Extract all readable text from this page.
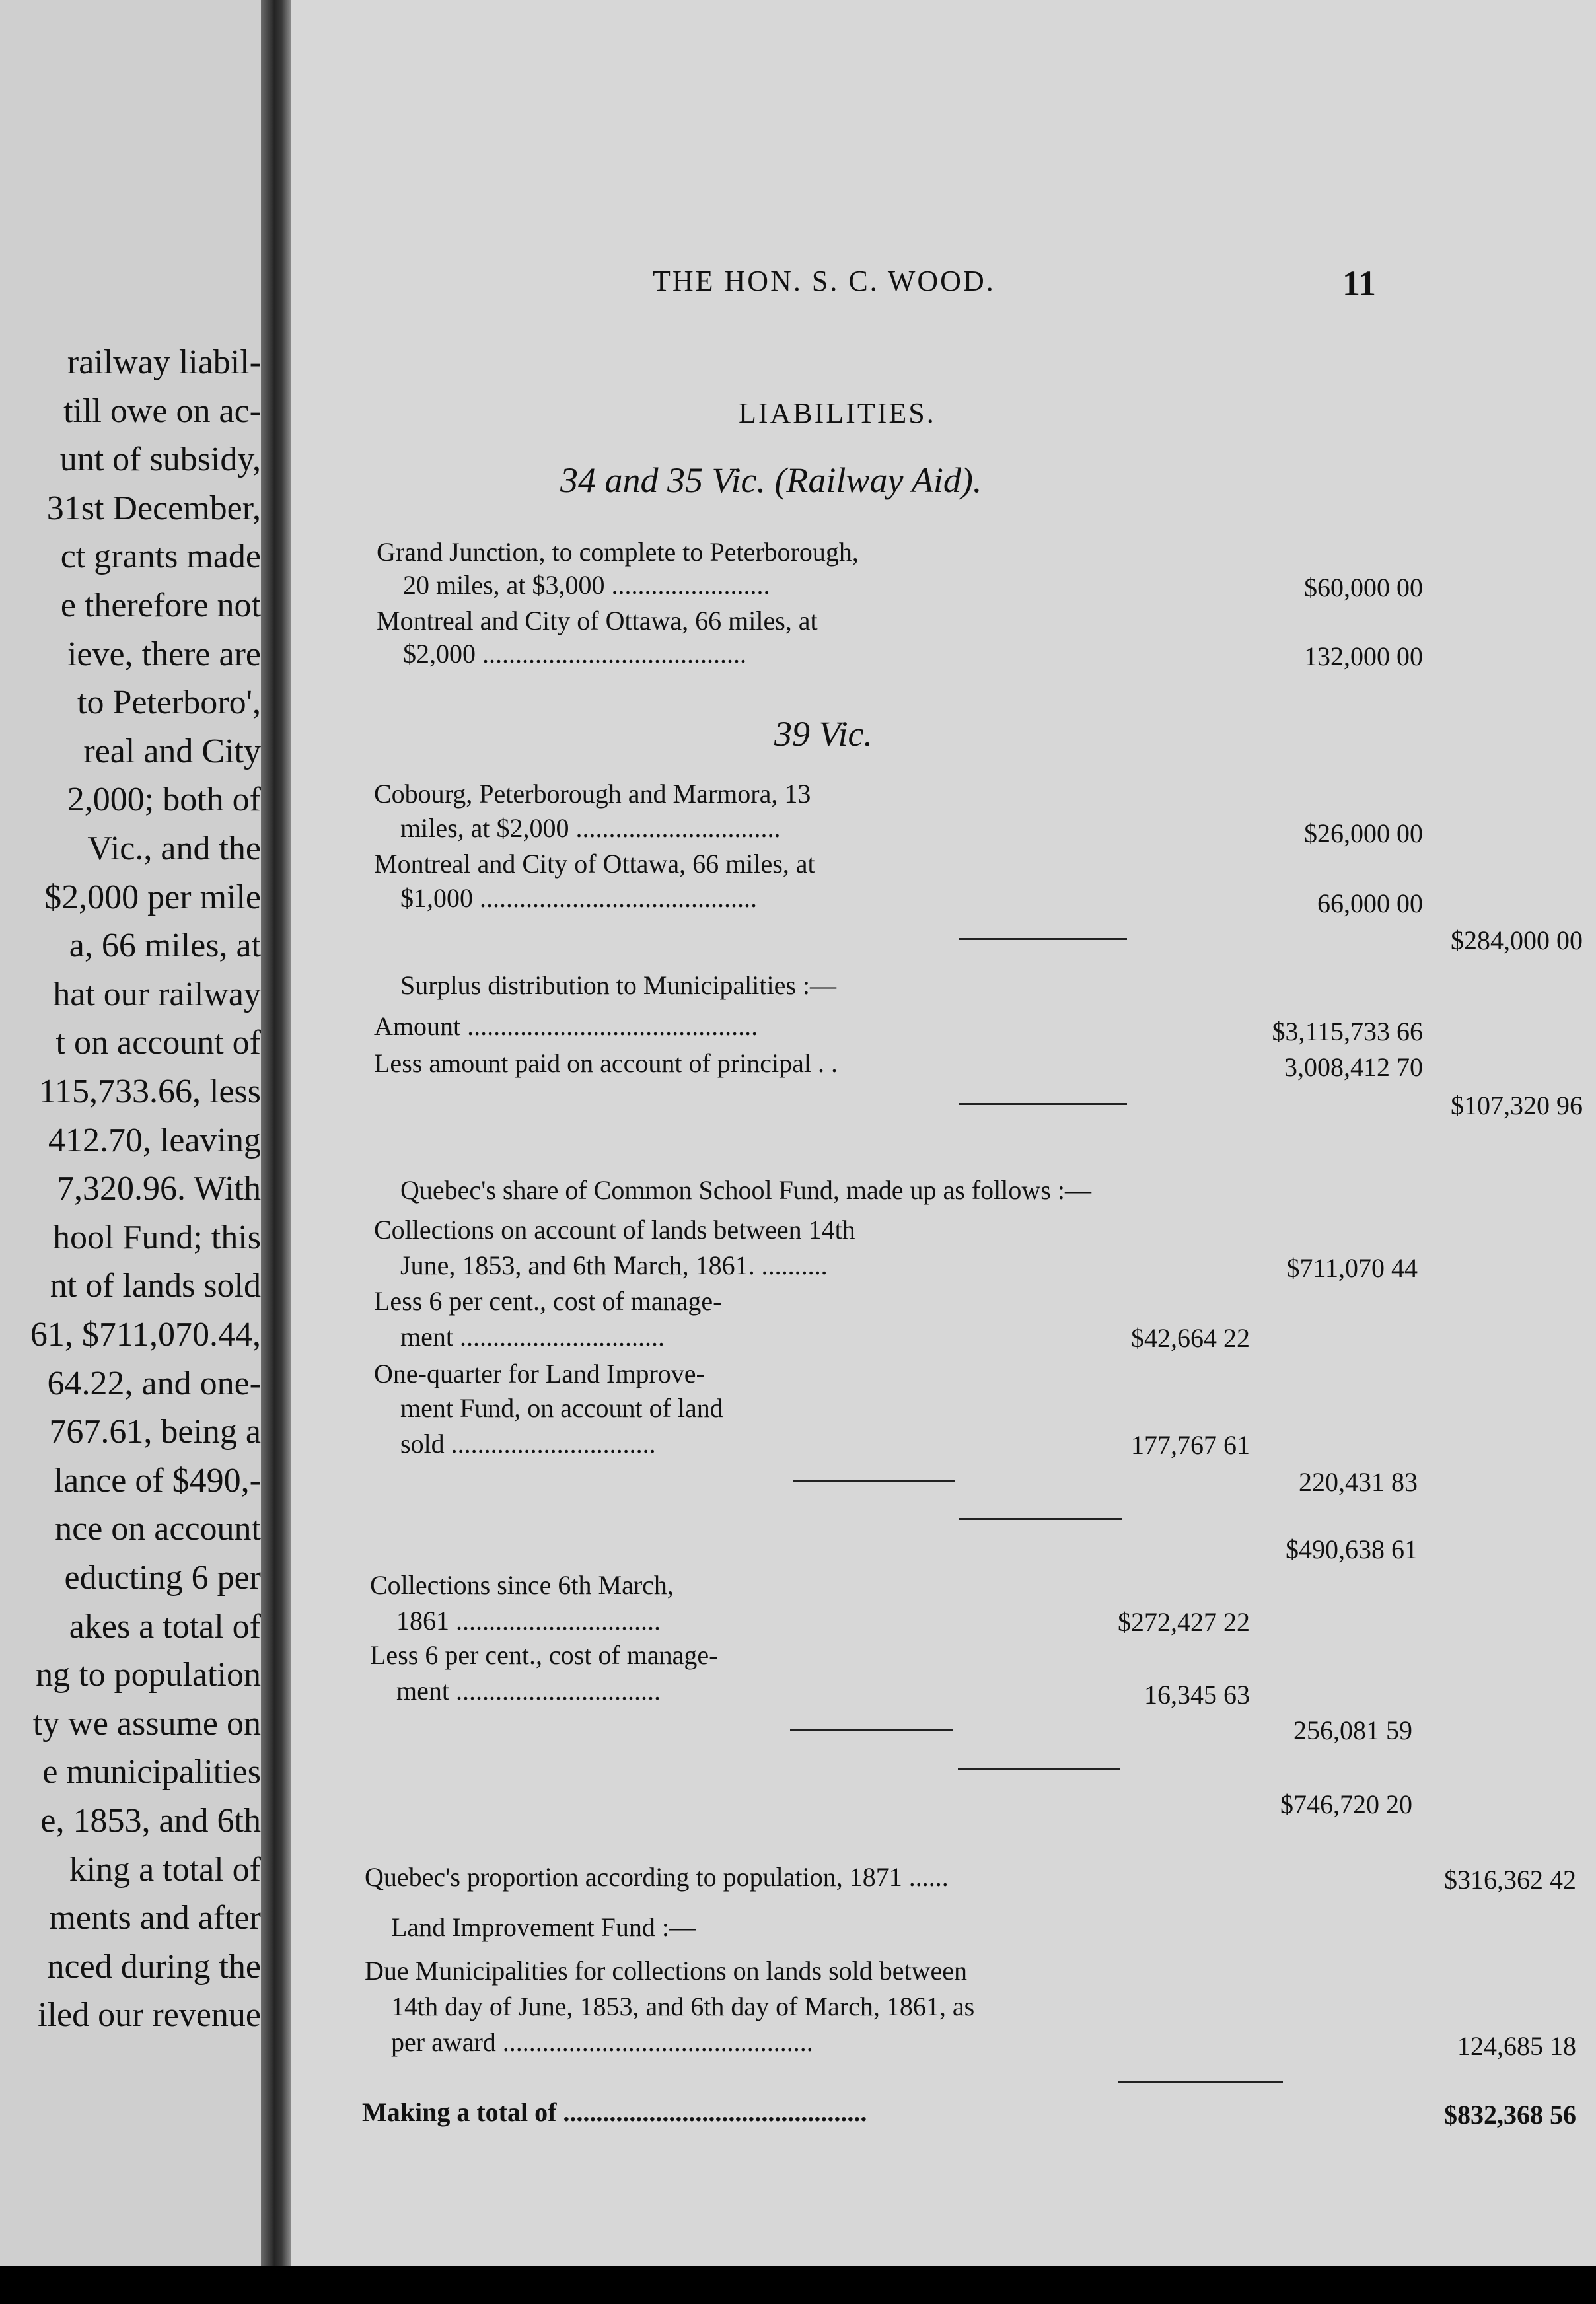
railway liabil-
till owe on ac-
unt of subsidy,
31st December,
ct grants made
e therefore not
ieve, there are
to Peterboro',
real and City
2,000; both of
Vic., and the
$2,000 per mile
a, 66 miles, at
hat our railway
t on account of
115,733.66, less
412.70, leaving
7,320.96. With
hool Fund; this
nt of lands sold
61, $711,070.44,
64.22, and one-
767.61, being a
lance of $490,-
nce on account
educting 6 per
akes a total of
ng to population
ty we assume on
e municipalities
e, 1853, and 6th
king a total of
ments and after
nced during the
iled our revenue
THE HON. S. C. WOOD.	11
LIABILITIES.
34 and 35 Vic. (Railway Aid).
Grand Junction, to complete to Peterborough,
20 miles, at $3,000 ........................	$60,000 00
Montreal and City of Ottawa, 66 miles, at
$2,000 ........................................	132,000 00
39 Vic.
Cobourg, Peterborough and Marmora, 13
miles, at $2,000 ...............................	$26,000 00
Montreal and City of Ottawa, 66 miles, at
$1,000 ..........................................	66,000 00
$284,000 00
Surplus distribution to Municipalities :—
Amount ............................................	$3,115,733 66
Less amount paid on account of principal . .	3,008,412 70
$107,320 96
Quebec's share of Common School Fund, made up as follows :—
Collections on account of lands between 14th
June, 1853, and 6th March, 1861. ..........	$711,070 44
Less 6 per cent., cost of manage-
ment ...............................	$42,664 22
One-quarter for Land Improve-
ment Fund, on account of land
sold ...............................	177,767 61
220,431 83
$490,638 61
Collections since 6th March,
1861 ...............................	$272,427 22
Less 6 per cent., cost of manage-
ment ...............................	16,345 63
256,081 59
$746,720 20
Quebec's proportion according to population, 1871 ......	$316,362 42
Land Improvement Fund :—
Due Municipalities for collections on lands sold between
14th day of June, 1853, and 6th day of March, 1861, as
per award ...............................................	124,685 18
Making a total of ..............................................	$832,368 56
